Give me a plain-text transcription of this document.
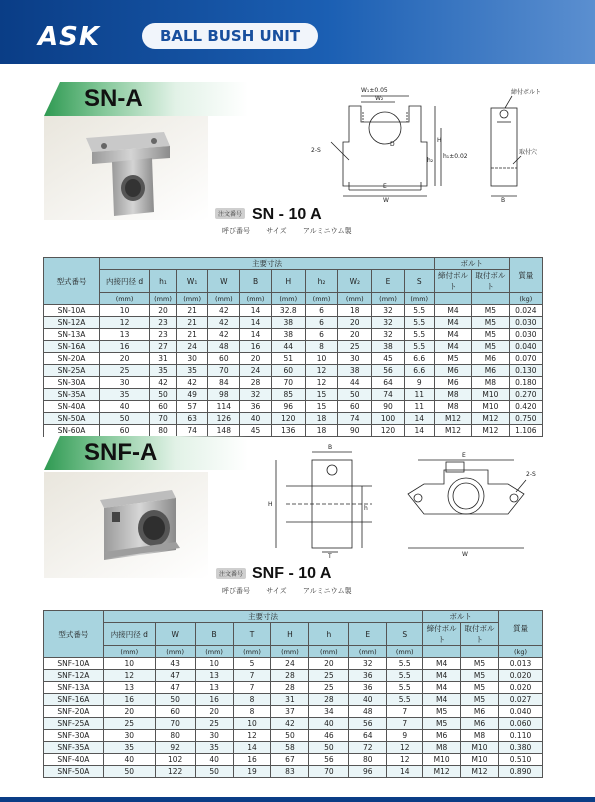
ASK	BALL BUSH UNIT
SN-A	W₁±0.05
W₂
2-S
E
W
H
h₁±0.02
D
B
締付ボルト
取付穴
h₂
注文番号 SN - 10 A
呼び番号 サイズ アルミニウム製
型式番号	主要寸法										ボルト		質量
	内接円径 d	h₁	W₁	W	B	H	h₂	W₂	E	S	締付ボルト	取付ボルト	
	(mm)	(mm)	(mm)	(mm)	(mm)	(mm)	(mm)	(mm)	(mm)	(mm)			(kg)
SN-10A	10	20	21	42	14	32.8	6	18	32	5.5	M4	M5	0.024
SN-12A	12	23	21	42	14	38	6	20	32	5.5	M4	M5	0.030
SN-13A	13	23	21	42	14	38	6	20	32	5.5	M4	M5	0.030
SN-16A	16	27	24	48	16	44	8	25	38	5.5	M4	M5	0.040
SN-20A	20	31	30	60	20	51	10	30	45	6.6	M5	M6	0.070
SN-25A	25	35	35	70	24	60	12	38	56	6.6	M6	M6	0.130
SN-30A	30	42	42	84	28	70	12	44	64	9	M6	M8	0.180
SN-35A	35	50	49	98	32	85	15	50	74	11	M8	M10	0.270
SN-40A	40	60	57	114	36	96	15	60	90	11	M8	M10	0.420
SN-50A	50	70	63	126	40	120	18	74	100	14	M12	M12	0.750
SN-60A	60	80	74	148	45	136	18	90	120	14	M12	M12	1.106
SNF-A	B
H
h
T
E
W
2-S
注文番号 SNF - 10 A
呼び番号 サイズ アルミニウム製
型式番号	主要寸法								ボルト		質量
	内接円径 d	W	B	T	H	h	E	S	締付ボルト	取付ボルト	
	(mm)	(mm)	(mm)	(mm)	(mm)	(mm)	(mm)	(mm)			(kg)
SNF-10A	10	43	10	5	24	20	32	5.5	M4	M5	0.013
SNF-12A	12	47	13	7	28	25	36	5.5	M4	M5	0.020
SNF-13A	13	47	13	7	28	25	36	5.5	M4	M5	0.020
SNF-16A	16	50	16	8	31	28	40	5.5	M4	M5	0.027
SNF-20A	20	60	20	8	37	34	48	7	M5	M6	0.040
SNF-25A	25	70	25	10	42	40	56	7	M5	M6	0.060
SNF-30A	30	80	30	12	50	46	64	9	M6	M8	0.110
SNF-35A	35	92	35	14	58	50	72	12	M8	M10	0.380
SNF-40A	40	102	40	16	67	56	80	12	M10	M10	0.510
SNF-50A	50	122	50	19	83	70	96	14	M12	M12	0.890
